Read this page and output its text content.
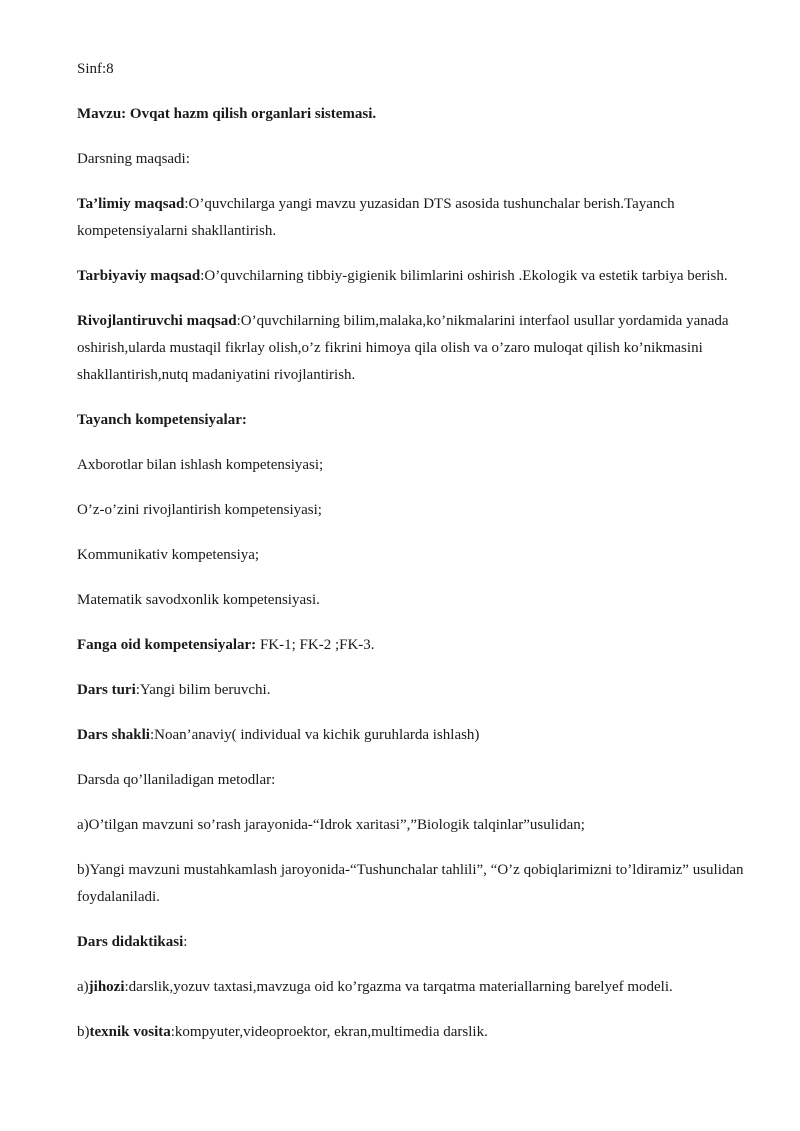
Sinf:8

Mavzu: Ovqat hazm qilish organlari sistemasi.

Darsning maqsadi:

Ta’limiy maqsad:O’quvchilarga yangi mavzu yuzasidan DTS asosida tushunchalar berish.Tayanch kompetensiyalarni shakllantirish.

Tarbiyaviy maqsad:O’quvchilarning tibbiy-gigienik bilimlarini oshirish .Ekologik va estetik tarbiya berish.

Rivojlantiruvchi maqsad:O’quvchilarning bilim,malaka,ko’nikmalarini interfaol usullar yordamida yanada oshirish,ularda mustaqil fikrlay olish,o’z fikrini himoya qila olish va o’zaro muloqat qilish ko’nikmasini shakllantirish,nutq madaniyatini rivojlantirish.

Tayanch kompetensiyalar:

Axborotlar bilan ishlash kompetensiyasi;

O’z-o’zini rivojlantirish kompetensiyasi;

Kommunikativ kompetensiya;

Matematik savodxonlik kompetensiyasi.

Fanga oid kompetensiyalar: FK-1; FK-2 ;FK-3.

Dars turi:Yangi bilim beruvchi.

Dars shakli:Noan’anaviy( individual va kichik guruhlarda ishlash)

Darsda qo’llaniladigan metodlar:

a)O’tilgan mavzuni so’rash jarayonida-“Idrok xaritasi”,”Biologik talqinlar”usulidan;

b)Yangi mavzuni mustahkamlash jaroyonida-“Tushunchalar tahlili”, “O’z qobiqlarimizni to’ldiramiz” usulidan foydalaniladi.

Dars didaktikasi:

a)jihozi:darslik,yozuv taxtasi,mavzuga oid ko’rgazma va tarqatma materiallarning barelyef modeli.

b)texnik vosita:kompyuter,videoproektor, ekran,multimedia darslik.
